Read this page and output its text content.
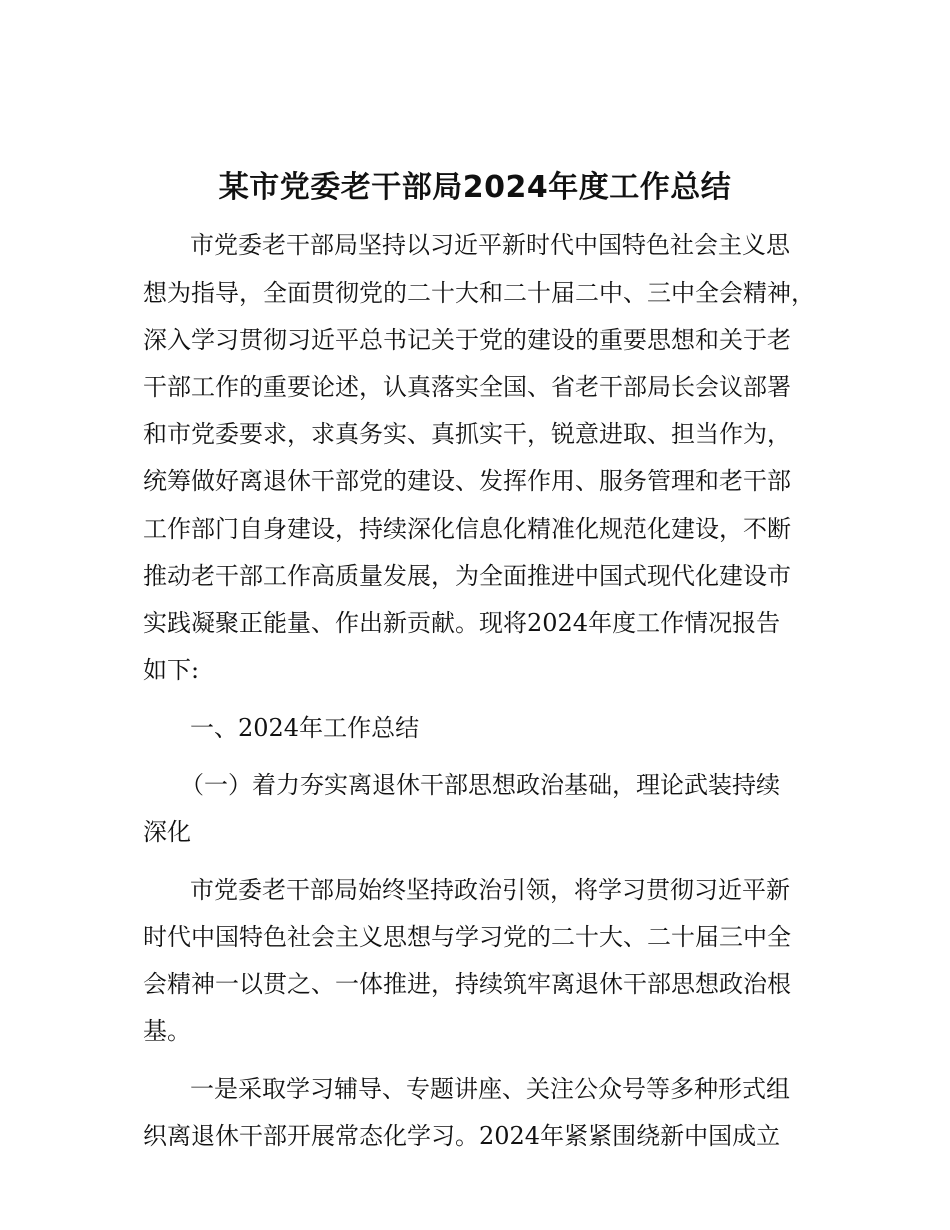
某市党委老干部局2024年度工作总结
市党委老干部局坚持以习近平新时代中国特色社会主义思
想为指导，全面贯彻党的二十大和二十届二中、三中全会精神，
深入学习贯彻习近平总书记关于党的建设的重要思想和关于老
干部工作的重要论述，认真落实全国、省老干部局长会议部署
和市党委要求，求真务实、真抓实干，锐意进取、担当作为，
统筹做好离退休干部党的建设、发挥作用、服务管理和老干部
工作部门自身建设，持续深化信息化精准化规范化建设，不断
推动老干部工作高质量发展，为全面推进中国式现代化建设市
实践凝聚正能量、作出新贡献。现将2024年度工作情况报告
如下:
一、2024年工作总结
（一）着力夯实离退休干部思想政治基础，理论武装持续
深化
市党委老干部局始终坚持政治引领，将学习贯彻习近平新
时代中国特色社会主义思想与学习党的二十大、二十届三中全
会精神一以贯之、一体推进，持续筑牢离退休干部思想政治根
基。
一是采取学习辅导、专题讲座、关注公众号等多种形式组
织离退休干部开展常态化学习。2024年紧紧围绕新中国成立
